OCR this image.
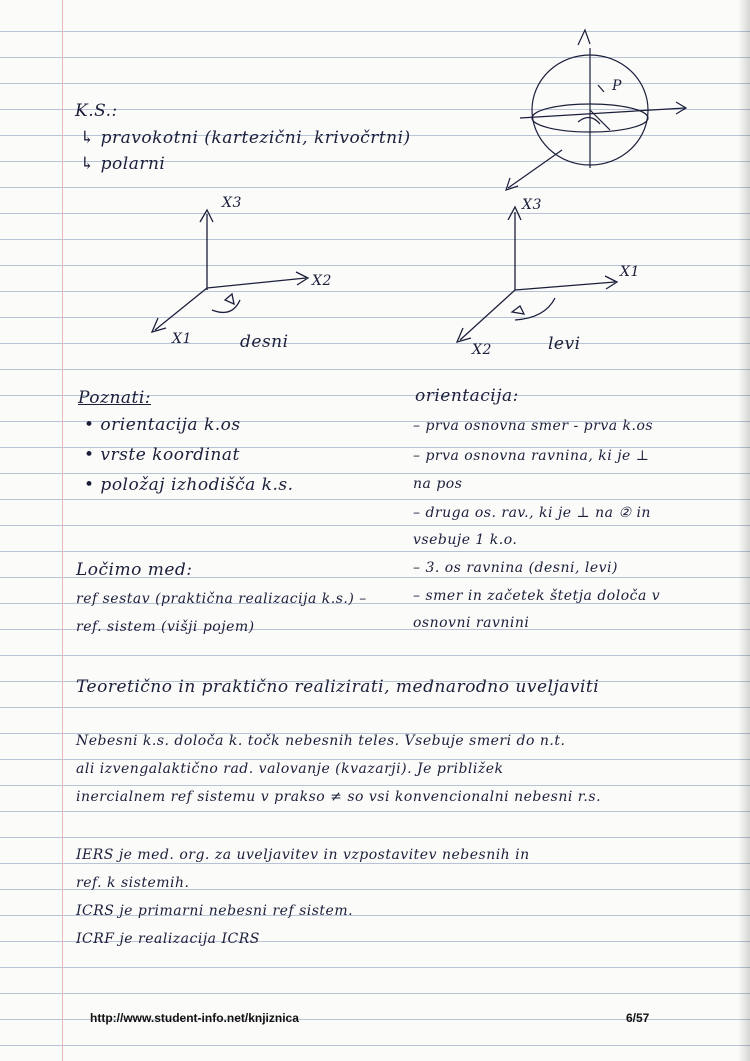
P
K.S.:
↳ pravokotni (kartezični, krivočrtni)
↳ polarni
X3
X2
X1	desni
X3
X1
X2	levi
Poznati:
• orientacija k.os
• vrste koordinat
• položaj izhodišča k.s.
orientacija:
– prva osnovna smer - prva k.os
– prva osnovna ravnina, ki je ⊥
na pos
– druga os. rav., ki je ⊥ na ② in
vsebuje 1 k.o.
– 3. os ravnina (desni, levi)
– smer in začetek štetja določa v
osnovni ravnini
Ločimo med:
ref sestav (praktična realizacija k.s.) –
ref. sistem (višji pojem)
Teoretično in praktično realizirati, mednarodno uveljaviti
Nebesni k.s. določa k. točk nebesnih teles. Vsebuje smeri do n.t.
ali izvengalaktično rad. valovanje (kvazarji). Je približek
inercialnem ref sistemu v prakso ≠ so vsi konvencionalni nebesni r.s.
IERS je med. org. za uveljavitev in vzpostavitev nebesnih in
ref. k sistemih.
ICRS je primarni nebesni ref sistem.
ICRF je realizacija ICRS
http://www.student-info.net/knjiznica	6/57
